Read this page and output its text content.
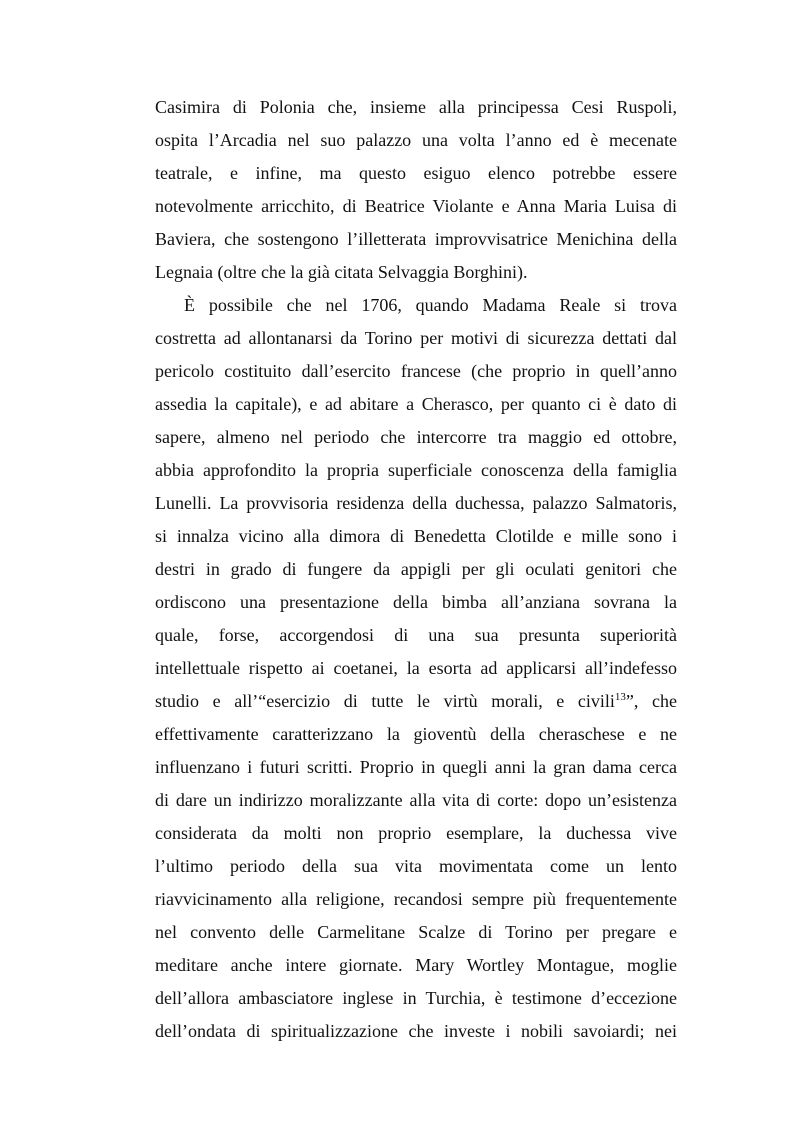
Casimira di Polonia che, insieme alla principessa Cesi Ruspoli,
ospita l’Arcadia nel suo palazzo una volta l’anno ed è mecenate
teatrale, e infine, ma questo esiguo elenco potrebbe essere
notevolmente arricchito, di Beatrice Violante e Anna Maria Luisa di
Baviera, che sostengono l’illetterata improvvisatrice Menichina della
Legnaia (oltre che la già citata Selvaggia Borghini).
È possibile che nel 1706, quando Madama Reale si trova
costretta ad allontanarsi da Torino per motivi di sicurezza dettati dal
pericolo costituito dall’esercito francese (che proprio in quell’anno
assedia la capitale), e ad abitare a Cherasco, per quanto ci è dato di
sapere, almeno nel periodo che intercorre tra maggio ed ottobre,
abbia approfondito la propria superficiale conoscenza della famiglia
Lunelli. La provvisoria residenza della duchessa, palazzo Salmatoris,
si innalza vicino alla dimora di Benedetta Clotilde e mille sono i
destri in grado di fungere da appigli per gli oculati genitori che
ordiscono una presentazione della bimba all’anziana sovrana la
quale, forse, accorgendosi di una sua presunta superiorità
intellettuale rispetto ai coetanei, la esorta ad applicarsi all’indefesso
studio e all’“esercizio di tutte le virtù morali, e civili$^{13}$”, che
effettivamente caratterizzano la gioventù della cheraschese e ne
influenzano i futuri scritti. Proprio in quegli anni la gran dama cerca
di dare un indirizzo moralizzante alla vita di corte: dopo un’esistenza
considerata da molti non proprio esemplare, la duchessa vive
l’ultimo periodo della sua vita movimentata come un lento
riavvicinamento alla religione, recandosi sempre più frequentemente
nel convento delle Carmelitane Scalze di Torino per pregare e
meditare anche intere giornate. Mary Wortley Montague, moglie
dell’allora ambasciatore inglese in Turchia, è testimone d’eccezione
dell’ondata di spiritualizzazione che investe i nobili savoiardi; nei
